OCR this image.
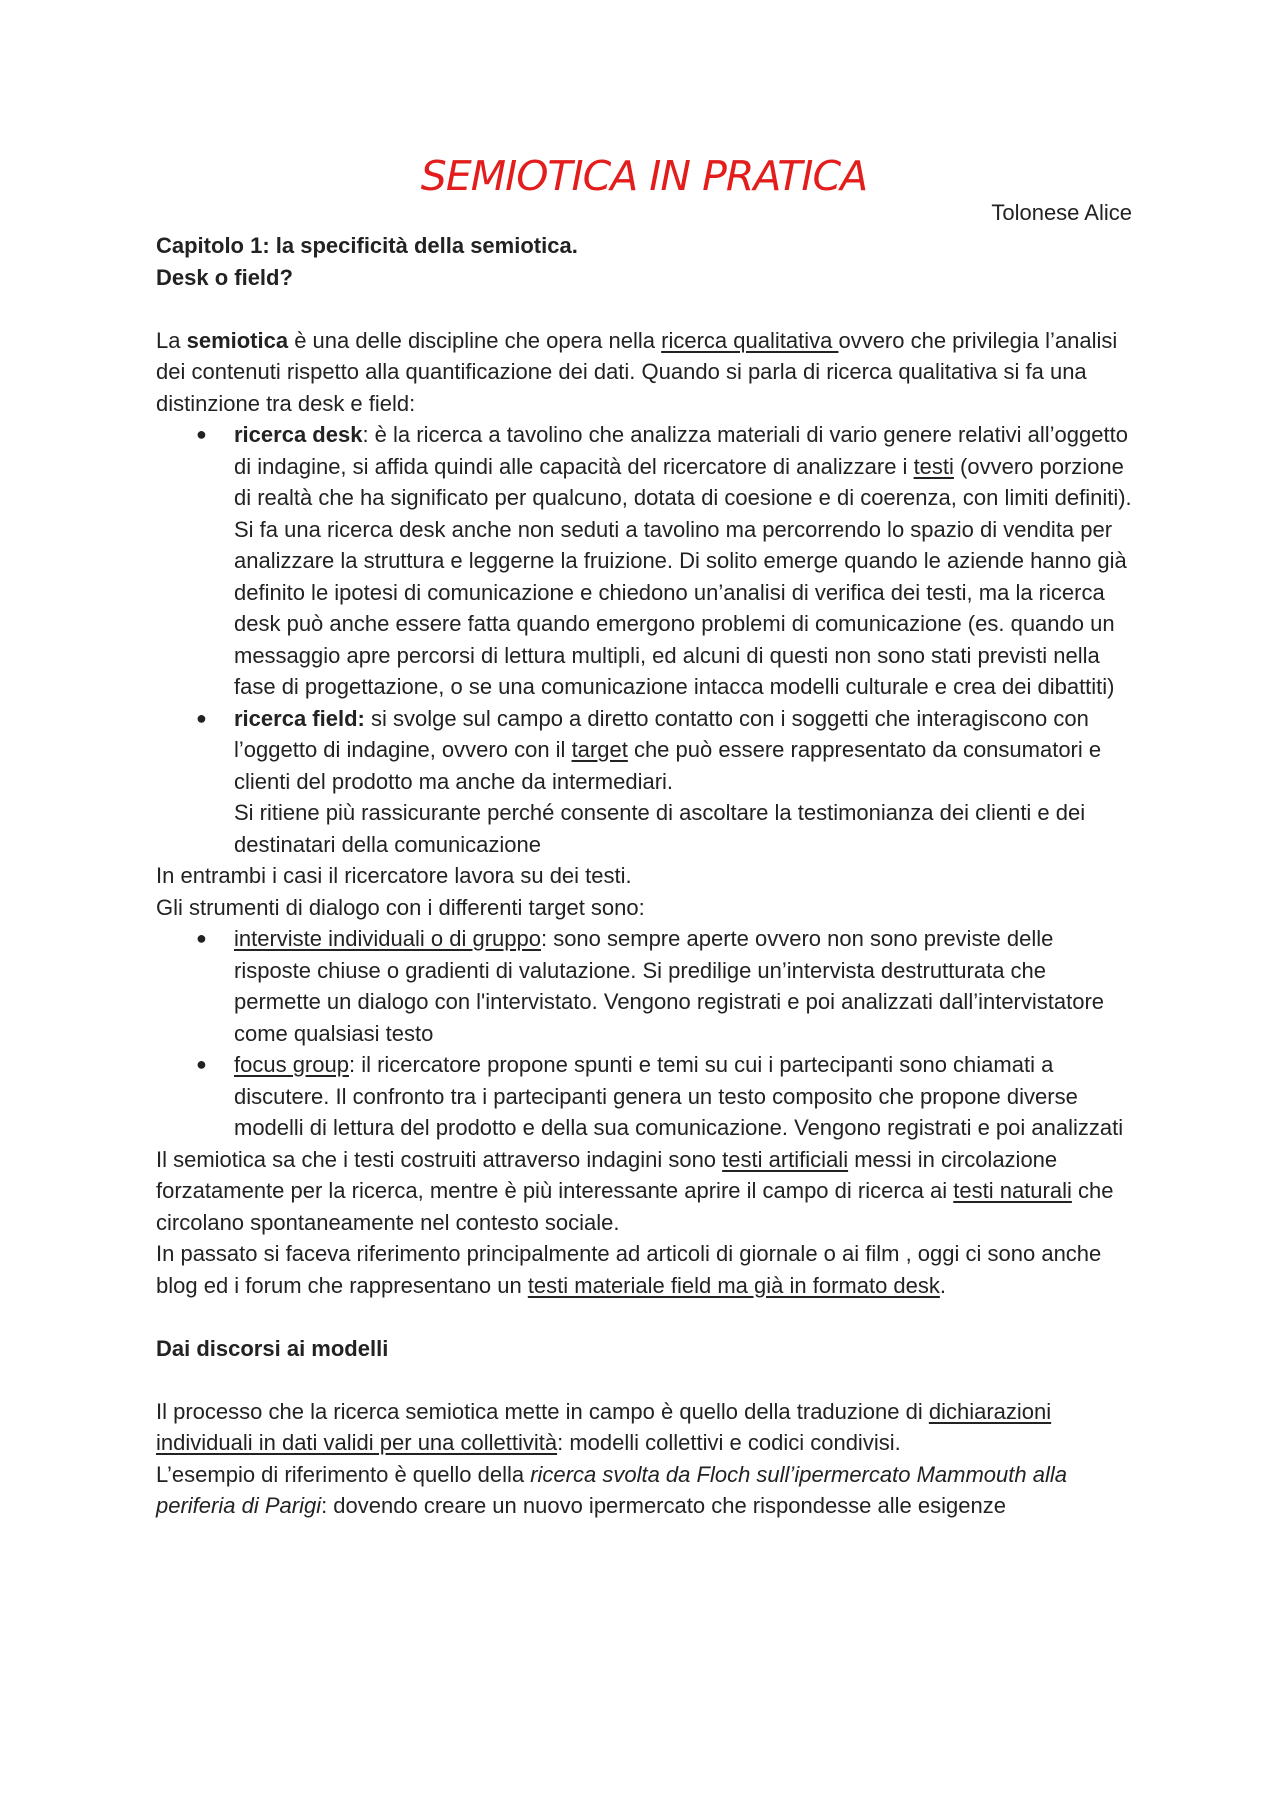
SEMIOTICA IN PRATICA
Tolonese Alice
Capitolo 1: la specificità della semiotica.
Desk o field?

La semiotica è una delle discipline che opera nella ricerca qualitativa ovvero che privilegia l’analisi dei contenuti rispetto alla quantificazione dei dati. Quando si parla di ricerca qualitativa si fa una distinzione tra desk e field:

● ricerca desk: è la ricerca a tavolino che analizza materiali di vario genere relativi all’oggetto di indagine, si affida quindi alle capacità del ricercatore di analizzare i testi (ovvero porzione di realtà che ha significato per qualcuno, dotata di coesione e di coerenza, con limiti definiti).
Si fa una ricerca desk anche non seduti a tavolino ma percorrendo lo spazio di vendita per analizzare la struttura e leggerne la fruizione. Di solito emerge quando le aziende hanno già definito le ipotesi di comunicazione e chiedono un’analisi di verifica dei testi, ma la ricerca desk può anche essere fatta quando emergono problemi di comunicazione (es. quando un messaggio apre percorsi di lettura multipli, ed alcuni di questi non sono stati previsti nella fase di progettazione, o se una comunicazione intacca modelli culturale e crea dei dibattiti)
● ricerca field: si svolge sul campo a diretto contatto con i soggetti che interagiscono con l’oggetto di indagine, ovvero con il target che può essere rappresentato da consumatori e clienti del prodotto ma anche da intermediari.
Si ritiene più rassicurante perché consente di ascoltare la testimonianza dei clienti e dei destinatari della comunicazione

In entrambi i casi il ricercatore lavora su dei testi.

Gli strumenti di dialogo con i differenti target sono:

● interviste individuali o di gruppo: sono sempre aperte ovvero non sono previste delle risposte chiuse o gradienti di valutazione. Si predilige un’intervista destrutturata che permette un dialogo con l'intervistato. Vengono registrati e poi analizzati dall’intervistatore come qualsiasi testo
● focus group: il ricercatore propone spunti e temi su cui i partecipanti sono chiamati a discutere. Il confronto tra i partecipanti genera un testo composito che propone diverse modelli di lettura del prodotto e della sua comunicazione. Vengono registrati e poi analizzati

Il semiotica sa che i testi costruiti attraverso indagini sono testi artificiali messi in circolazione forzatamente per la ricerca, mentre è più interessante aprire il campo di ricerca ai testi naturali che circolano spontaneamente nel contesto sociale.

In passato si faceva riferimento principalmente ad articoli di giornale o ai film , oggi ci sono anche blog ed i forum che rappresentano un testi materiale field ma già in formato desk.

Dai discorsi ai modelli

Il processo che la ricerca semiotica mette in campo è quello della traduzione di dichiarazioni individuali in dati validi per una collettività: modelli collettivi e codici condivisi.

L’esempio di riferimento è quello della ricerca svolta da Floch sull’ipermercato Mammouth alla periferia di Parigi: dovendo creare un nuovo ipermercato che rispondesse alle esigenze
